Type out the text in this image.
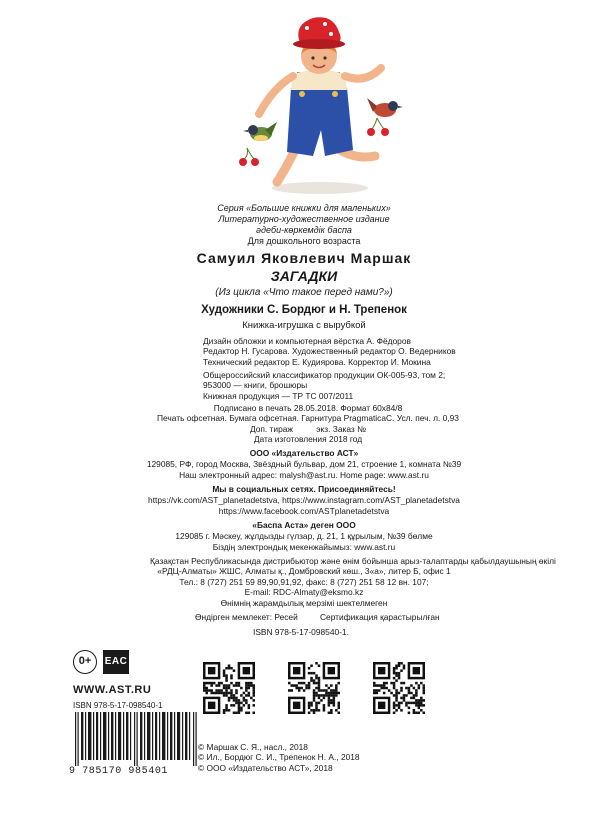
Серия «Большие книжки для маленьких»
Литературно-художественное издание
әдеби-көркемдік баспа
Для дошкольного возраста
Самуил Яковлевич Маршак
ЗАГАДКИ
(Из цикла «Что такое перед нами?»)
Художники С. Бордюг и Н. Трепенок
Книжка-игрушка с вырубкой
Дизайн обложки и компьютерная вёрстка А. Фёдоров
Редактор Н. Гусарова. Художественный редактор О. Ведерников
Технический редактор Е. Кудиярова. Корректор И. Мокина
Общероссийский классификатор продукции ОК-005-93, том 2;
953000 — книги, брошюры
Книжная продукция — ТР ТС 007/2011
Подписано в печать 28.05.2018. Формат 60х84/8
Печать офсетная. Бумага офсетная. Гарнитура PragmaticaC. Усл. печ. л. 0,93
Доп. тираж          экз. Заказ №
Дата изготовления 2018 год
ООО «Издательство АСТ»
129085, РФ, город Москва, Звёздный бульвар, дом 21, строение 1, комната №39
Наш электронный адрес: malysh@ast.ru. Home page: www.ast.ru
Мы в социальных сетях. Присоединяйтесь!
https://vk.com/AST_planetadetstva, https://www.instagram.com/AST_planetadetstva
https://www.facebook.com/ASTplanetadetstva
«Баспа Аста» деген ООО
129085 г. Мәскеу, жұлдызды гүлзар, д. 21, 1 құрылым, №39 бөлме
Біздің электрондық мекенжайымыз: www.ast.ru
Қазақстан Республикасында дистрибьютор және өнім бойынша арыз-талаптарды қабылдаушының өкілі
«РДЦ-Алматы» ЖШС, Алматы қ., Домбровский көш., 3«а», литер Б, офис 1
Тел.: 8 (727) 251 59 89,90,91,92, факс: 8 (727) 251 58 12 вн. 107;
E-mail: RDC-Almaty@eksmo.kz
Өнімнің жарамдылық мерзімі шектелмеген
Өндірген мемлекет: Ресей	Сертификация қарастырылған
ISBN 978-5-17-098540-1.
0+	EAC
WWW.AST.RU
ISBN 978-5-17-098540-1
9 785170 985401
© Маршак С. Я., насл., 2018
© Ил., Бордюг С. И., Трепенок Н. А., 2018
© ООО «Издательство АСТ», 2018
